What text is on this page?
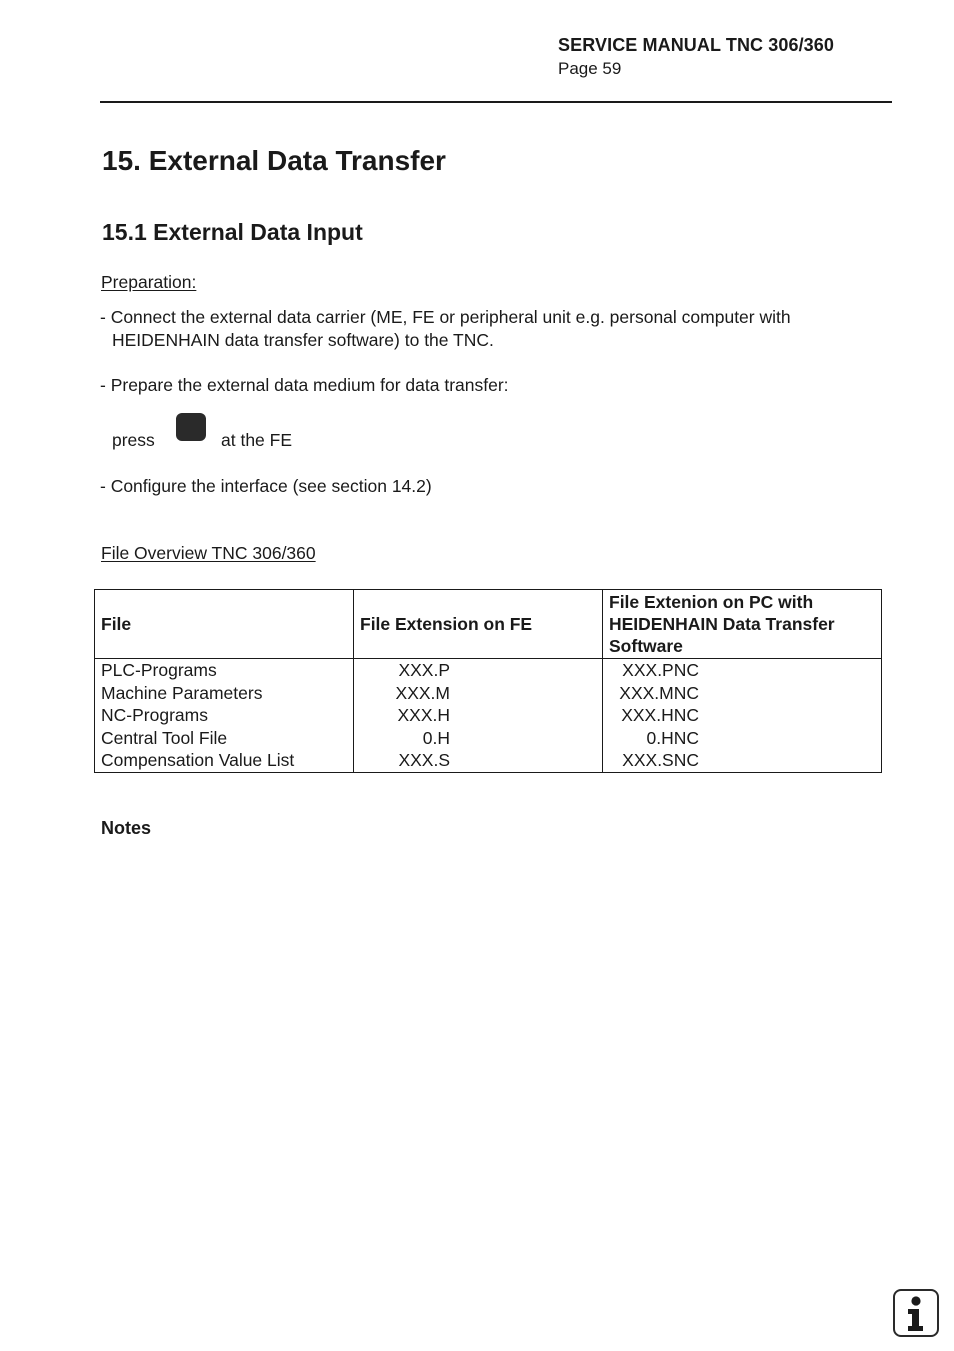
SERVICE MANUAL TNC 306/360
Page 59
15. External Data Transfer
15.1 External Data Input
Preparation:
- Connect the external data carrier (ME, FE or peripheral unit e.g. personal computer with
HEIDENHAIN data transfer software) to the TNC.
- Prepare the external data medium for data transfer:
press	at the FE
- Configure the interface (see section 14.2)
File Overview TNC 306/360
File	File Extension on FE	File Extenion on PC with HEIDENHAIN Data Transfer Software
PLC-Programs	XXX.P	XXX.PNC
Machine Parameters	XXX.M	XXX.MNC
NC-Programs	XXX.H	XXX.HNC
Central Tool File	0.H	0.HNC
Compensation Value List	XXX.S	XXX.SNC
Notes
